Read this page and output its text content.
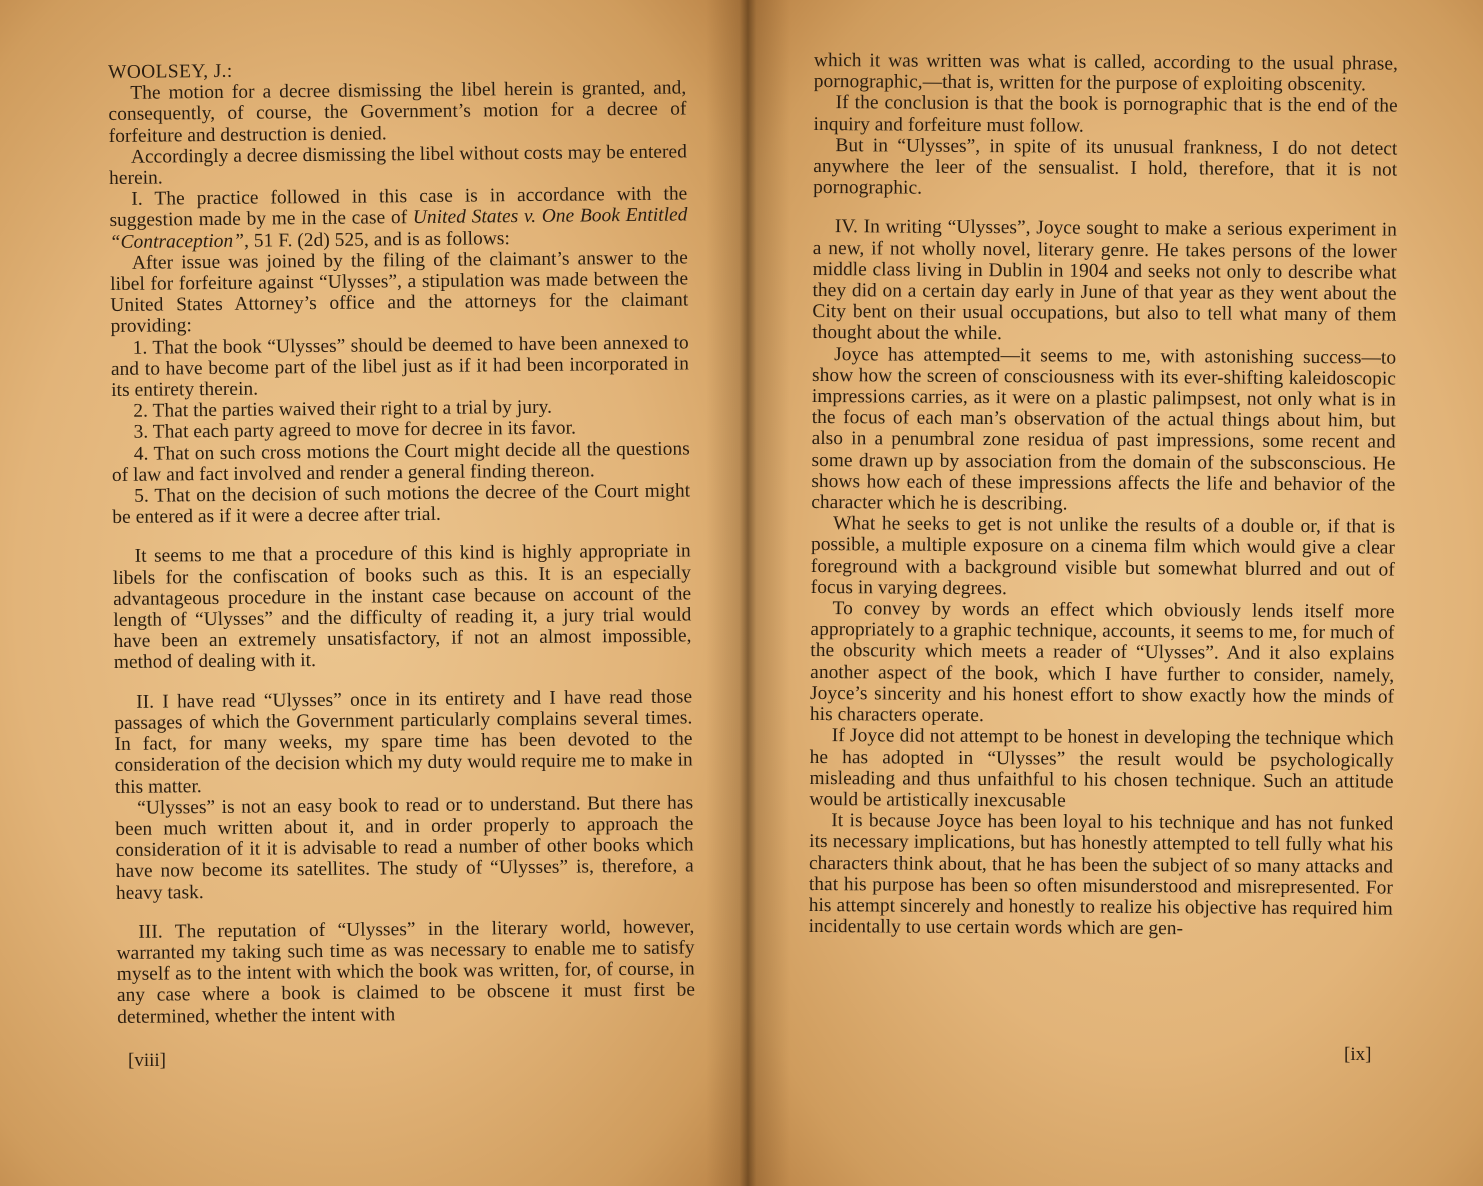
WOOLSEY, J.:

The motion for a decree dismissing the libel herein is granted, and, consequently, of course, the Government’s motion for a decree of forfeiture and destruction is denied.

Accordingly a decree dismissing the libel without costs may be entered herein.

I. The practice followed in this case is in accordance with the suggestion made by me in the case of United States v. One Book Entitled “Contraception”, 51 F. (2d) 525, and is as follows:

After issue was joined by the filing of the claimant’s answer to the libel for forfeiture against “Ulysses”, a stipulation was made between the United States Attorney’s office and the attorneys for the claimant providing:

1. That the book “Ulysses” should be deemed to have been annexed to and to have become part of the libel just as if it had been incorporated in its entirety therein.

2. That the parties waived their right to a trial by jury.

3. That each party agreed to move for decree in its favor.

4. That on such cross motions the Court might decide all the questions of law and fact involved and render a general finding thereon.

5. That on the decision of such motions the decree of the Court might be entered as if it were a decree after trial.

It seems to me that a procedure of this kind is highly appropriate in libels for the confiscation of books such as this. It is an especially advantageous procedure in the instant case because on account of the length of “Ulysses” and the difficulty of reading it, a jury trial would have been an extremely unsatisfactory, if not an almost impossible, method of dealing with it.

II. I have read “Ulysses” once in its entirety and I have read those passages of which the Government particularly complains several times. In fact, for many weeks, my spare time has been devoted to the consideration of the decision which my duty would require me to make in this matter.

“Ulysses” is not an easy book to read or to understand. But there has been much written about it, and in order properly to approach the consideration of it it is advisable to read a number of other books which have now become its satellites. The study of “Ulysses” is, therefore, a heavy task.

III. The reputation of “Ulysses” in the literary world, however, warranted my taking such time as was necessary to enable me to satisfy myself as to the intent with which the book was written, for, of course, in any case where a book is claimed to be obscene it must first be determined, whether the intent with

[viii]

which it was written was what is called, according to the usual phrase, pornographic,—that is, written for the purpose of exploiting obscenity.

If the conclusion is that the book is pornographic that is the end of the inquiry and forfeiture must follow.

But in “Ulysses”, in spite of its unusual frankness, I do not detect anywhere the leer of the sensualist. I hold, therefore, that it is not pornographic.

IV. In writing “Ulysses”, Joyce sought to make a serious experiment in a new, if not wholly novel, literary genre. He takes persons of the lower middle class living in Dublin in 1904 and seeks not only to describe what they did on a certain day early in June of that year as they went about the City bent on their usual occupations, but also to tell what many of them thought about the while.

Joyce has attempted—it seems to me, with astonishing success—to show how the screen of consciousness with its ever-shifting kaleidoscopic impressions carries, as it were on a plastic palimpsest, not only what is in the focus of each man’s observation of the actual things about him, but also in a penumbral zone residua of past impressions, some recent and some drawn up by association from the domain of the subsconscious. He shows how each of these impressions affects the life and behavior of the character which he is describing.

What he seeks to get is not unlike the results of a double or, if that is possible, a multiple exposure on a cinema film which would give a clear foreground with a background visible but somewhat blurred and out of focus in varying degrees.

To convey by words an effect which obviously lends itself more appropriately to a graphic technique, accounts, it seems to me, for much of the obscurity which meets a reader of “Ulysses”. And it also explains another aspect of the book, which I have further to consider, namely, Joyce’s sincerity and his honest effort to show exactly how the minds of his characters operate.

If Joyce did not attempt to be honest in developing the technique which he has adopted in “Ulysses” the result would be psychologically misleading and thus unfaithful to his chosen technique. Such an attitude would be artistically inexcusable

It is because Joyce has been loyal to his technique and has not funked its necessary implications, but has honestly attempted to tell fully what his characters think about, that he has been the subject of so many attacks and that his purpose has been so often misunderstood and misrepresented. For his attempt sincerely and honestly to realize his objective has required him incidentally to use certain words which are gen-

[ix]
